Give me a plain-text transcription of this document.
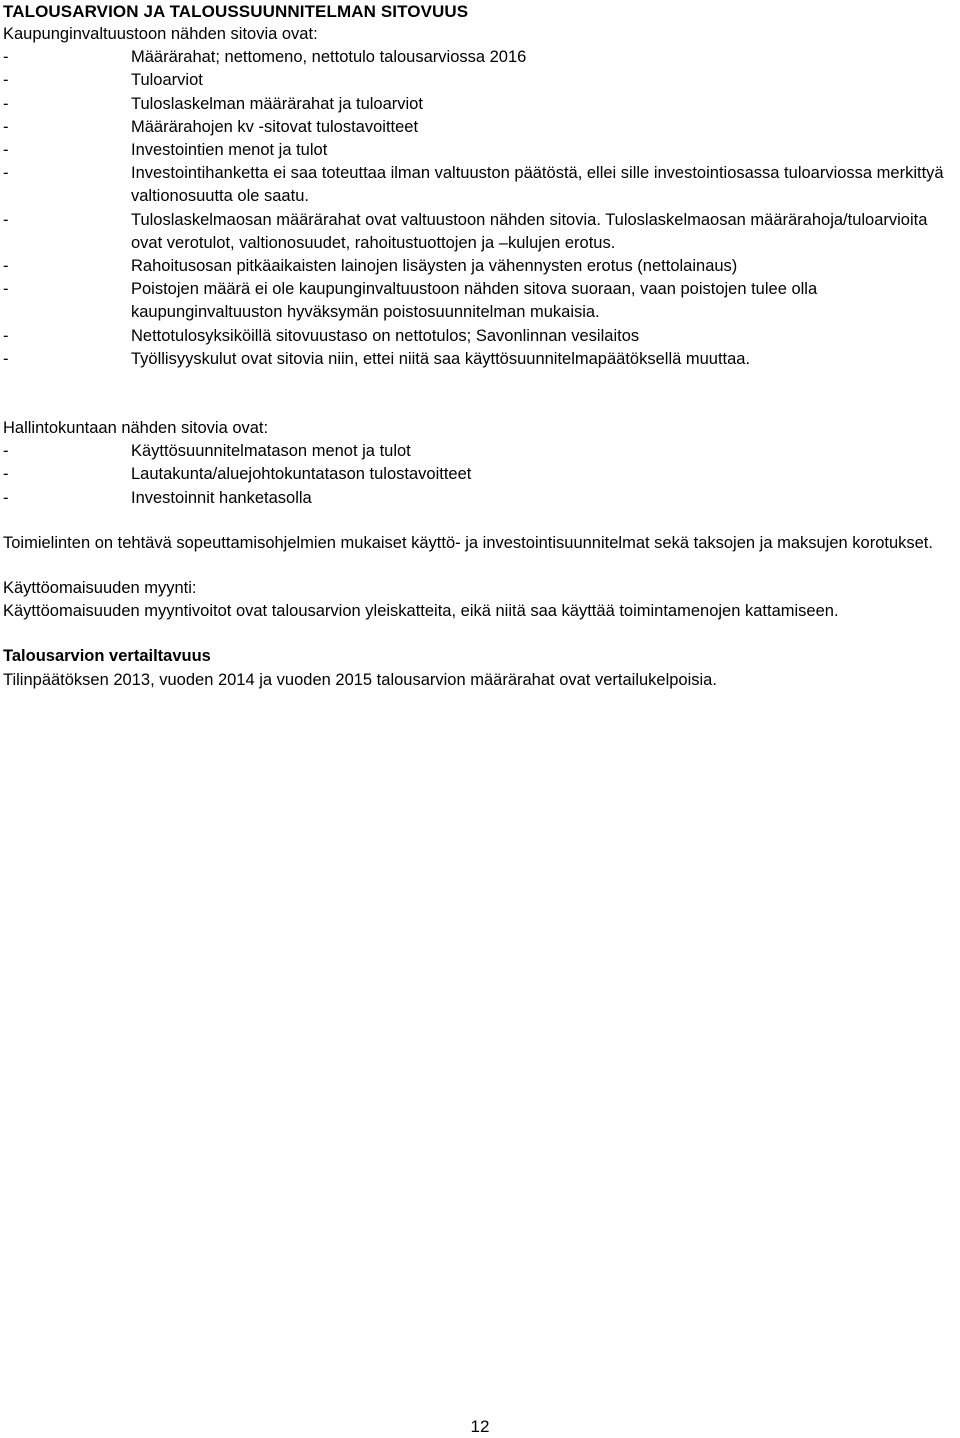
TALOUSARVION JA TALOUSSUUNNITELMAN SITOVUUS

Kaupunginvaltuustoon nähden sitovia ovat:

-	Määrärahat; nettomeno, nettotulo talousarviossa 2016
-	Tuloarviot
-	Tuloslaskelman määrärahat ja tuloarviot
-	Määrärahojen kv -sitovat tulostavoitteet
-	Investointien menot ja tulot
-	Investointihanketta ei saa toteuttaa ilman valtuuston päätöstä, ellei sille investointiosassa tuloarviossa merkittyä valtionosuutta ole saatu.
-	Tuloslaskelmaosan määrärahat ovat valtuustoon nähden sitovia. Tuloslaskelmaosan määrärahoja/tuloarvioita ovat verotulot, valtionosuudet, rahoitustuottojen ja –kulujen erotus.
-	Rahoitusosan pitkäaikaisten lainojen lisäysten ja vähennysten erotus (nettolainaus)
-	Poistojen määrä ei ole kaupunginvaltuustoon nähden sitova suoraan, vaan poistojen tulee olla kaupunginvaltuuston hyväksymän poistosuunnitelman mukaisia.
-	Nettotulosyksiköillä sitovuustaso on nettotulos; Savonlinnan vesilaitos
-	Työllisyyskulut ovat sitovia niin, ettei niitä saa käyttösuunnitelmapäätöksellä muuttaa.

Hallintokuntaan nähden sitovia ovat:

-	Käyttösuunnitelmatason menot ja tulot
-	Lautakunta/aluejohtokuntatason tulostavoitteet
-	Investoinnit hanketasolla

Toimielinten on tehtävä sopeuttamisohjelmien mukaiset käyttö- ja investointisuunnitelmat sekä taksojen ja maksujen korotukset.

Käyttöomaisuuden myynti:

Käyttöomaisuuden myyntivoitot ovat talousarvion yleiskatteita, eikä niitä saa käyttää toimintamenojen kattamiseen.

Talousarvion vertailtavuus

Tilinpäätöksen 2013, vuoden 2014 ja vuoden 2015 talousarvion määrärahat ovat vertailukelpoisia.

12
